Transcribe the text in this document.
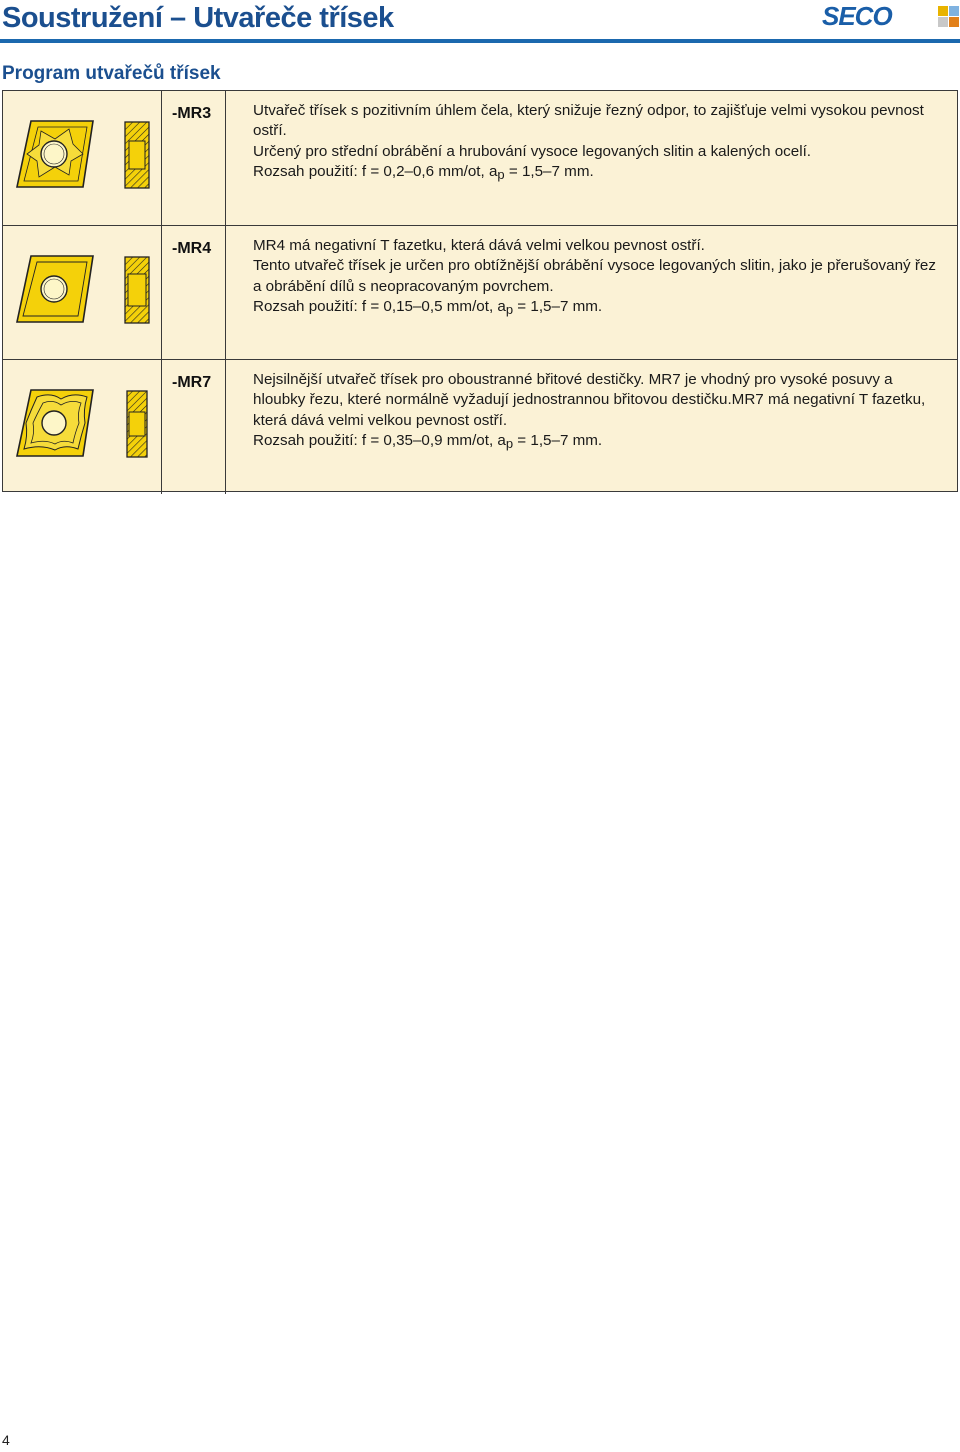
Soustružení – Utvařeče třísek	SECO
Program utvařečů třísek
-MR3	Utvařeč třísek s pozitivním úhlem čela, který snižuje řezný odpor, to zajišťuje velmi vysokou pevnost ostří.

Určený pro střední obrábění a hrubování vysoce legovaných slitin a kalených ocelí.

Rozsah použití: f = 0,2–0,6 mm/ot, ap = 1,5–7 mm.

-MR4	MR4 má negativní T fazetku, která dává velmi velkou pevnost ostří.

Tento utvařeč třísek je určen pro obtížnější obrábění vysoce legovaných slitin, jako je přerušovaný řez a obrábění dílů s neopracovaným povrchem.

Rozsah použití: f = 0,15–0,5 mm/ot, ap = 1,5–7 mm.

-MR7	Nejsilnější utvařeč třísek pro oboustranné břitové destičky. MR7 je vhodný pro vysoké posuvy a hloubky řezu, které normálně vyžadují jednostrannou břitovou destičku.MR7 má negativní T fazetku, která dává velmi velkou pevnost ostří.

Rozsah použití: f = 0,35–0,9 mm/ot, ap = 1,5–7 mm.

4
